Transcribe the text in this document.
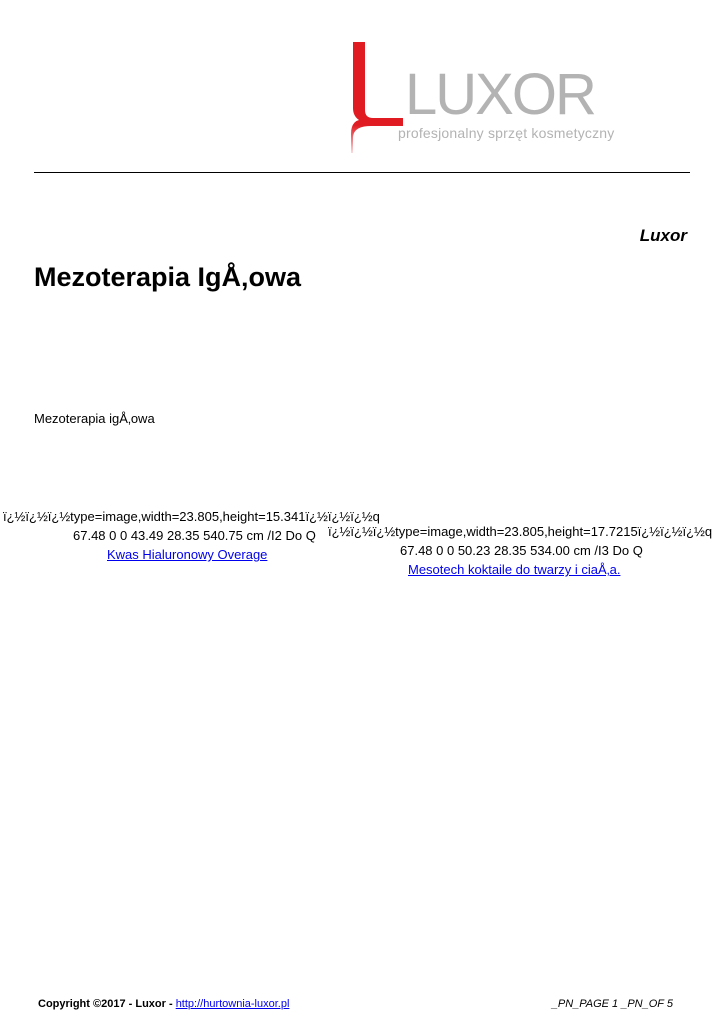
LUXOR
profesjonalny sprzęt kosmetyczny
Luxor
Mezoterapia IgÅ‚owa
Mezoterapia igÅ‚owa
ï¿½ï¿½ï¿½type=image,width=23.805,height=15.341ï¿½ï¿½ï¿½q
67.48 0 0 43.49 28.35 540.75 cm /I2 Do Q
Kwas Hialuronowy Overage
ï¿½ï¿½ï¿½type=image,width=23.805,height=17.7215ï¿½ï¿½ï¿½q
67.48 0 0 50.23 28.35 534.00 cm /I3 Do Q
Mesotech koktaile do twarzy i ciaÅ‚a.
Copyright ©2017 - Luxor - http://hurtownia-luxor.pl	_PN_PAGE 1 _PN_OF 5
